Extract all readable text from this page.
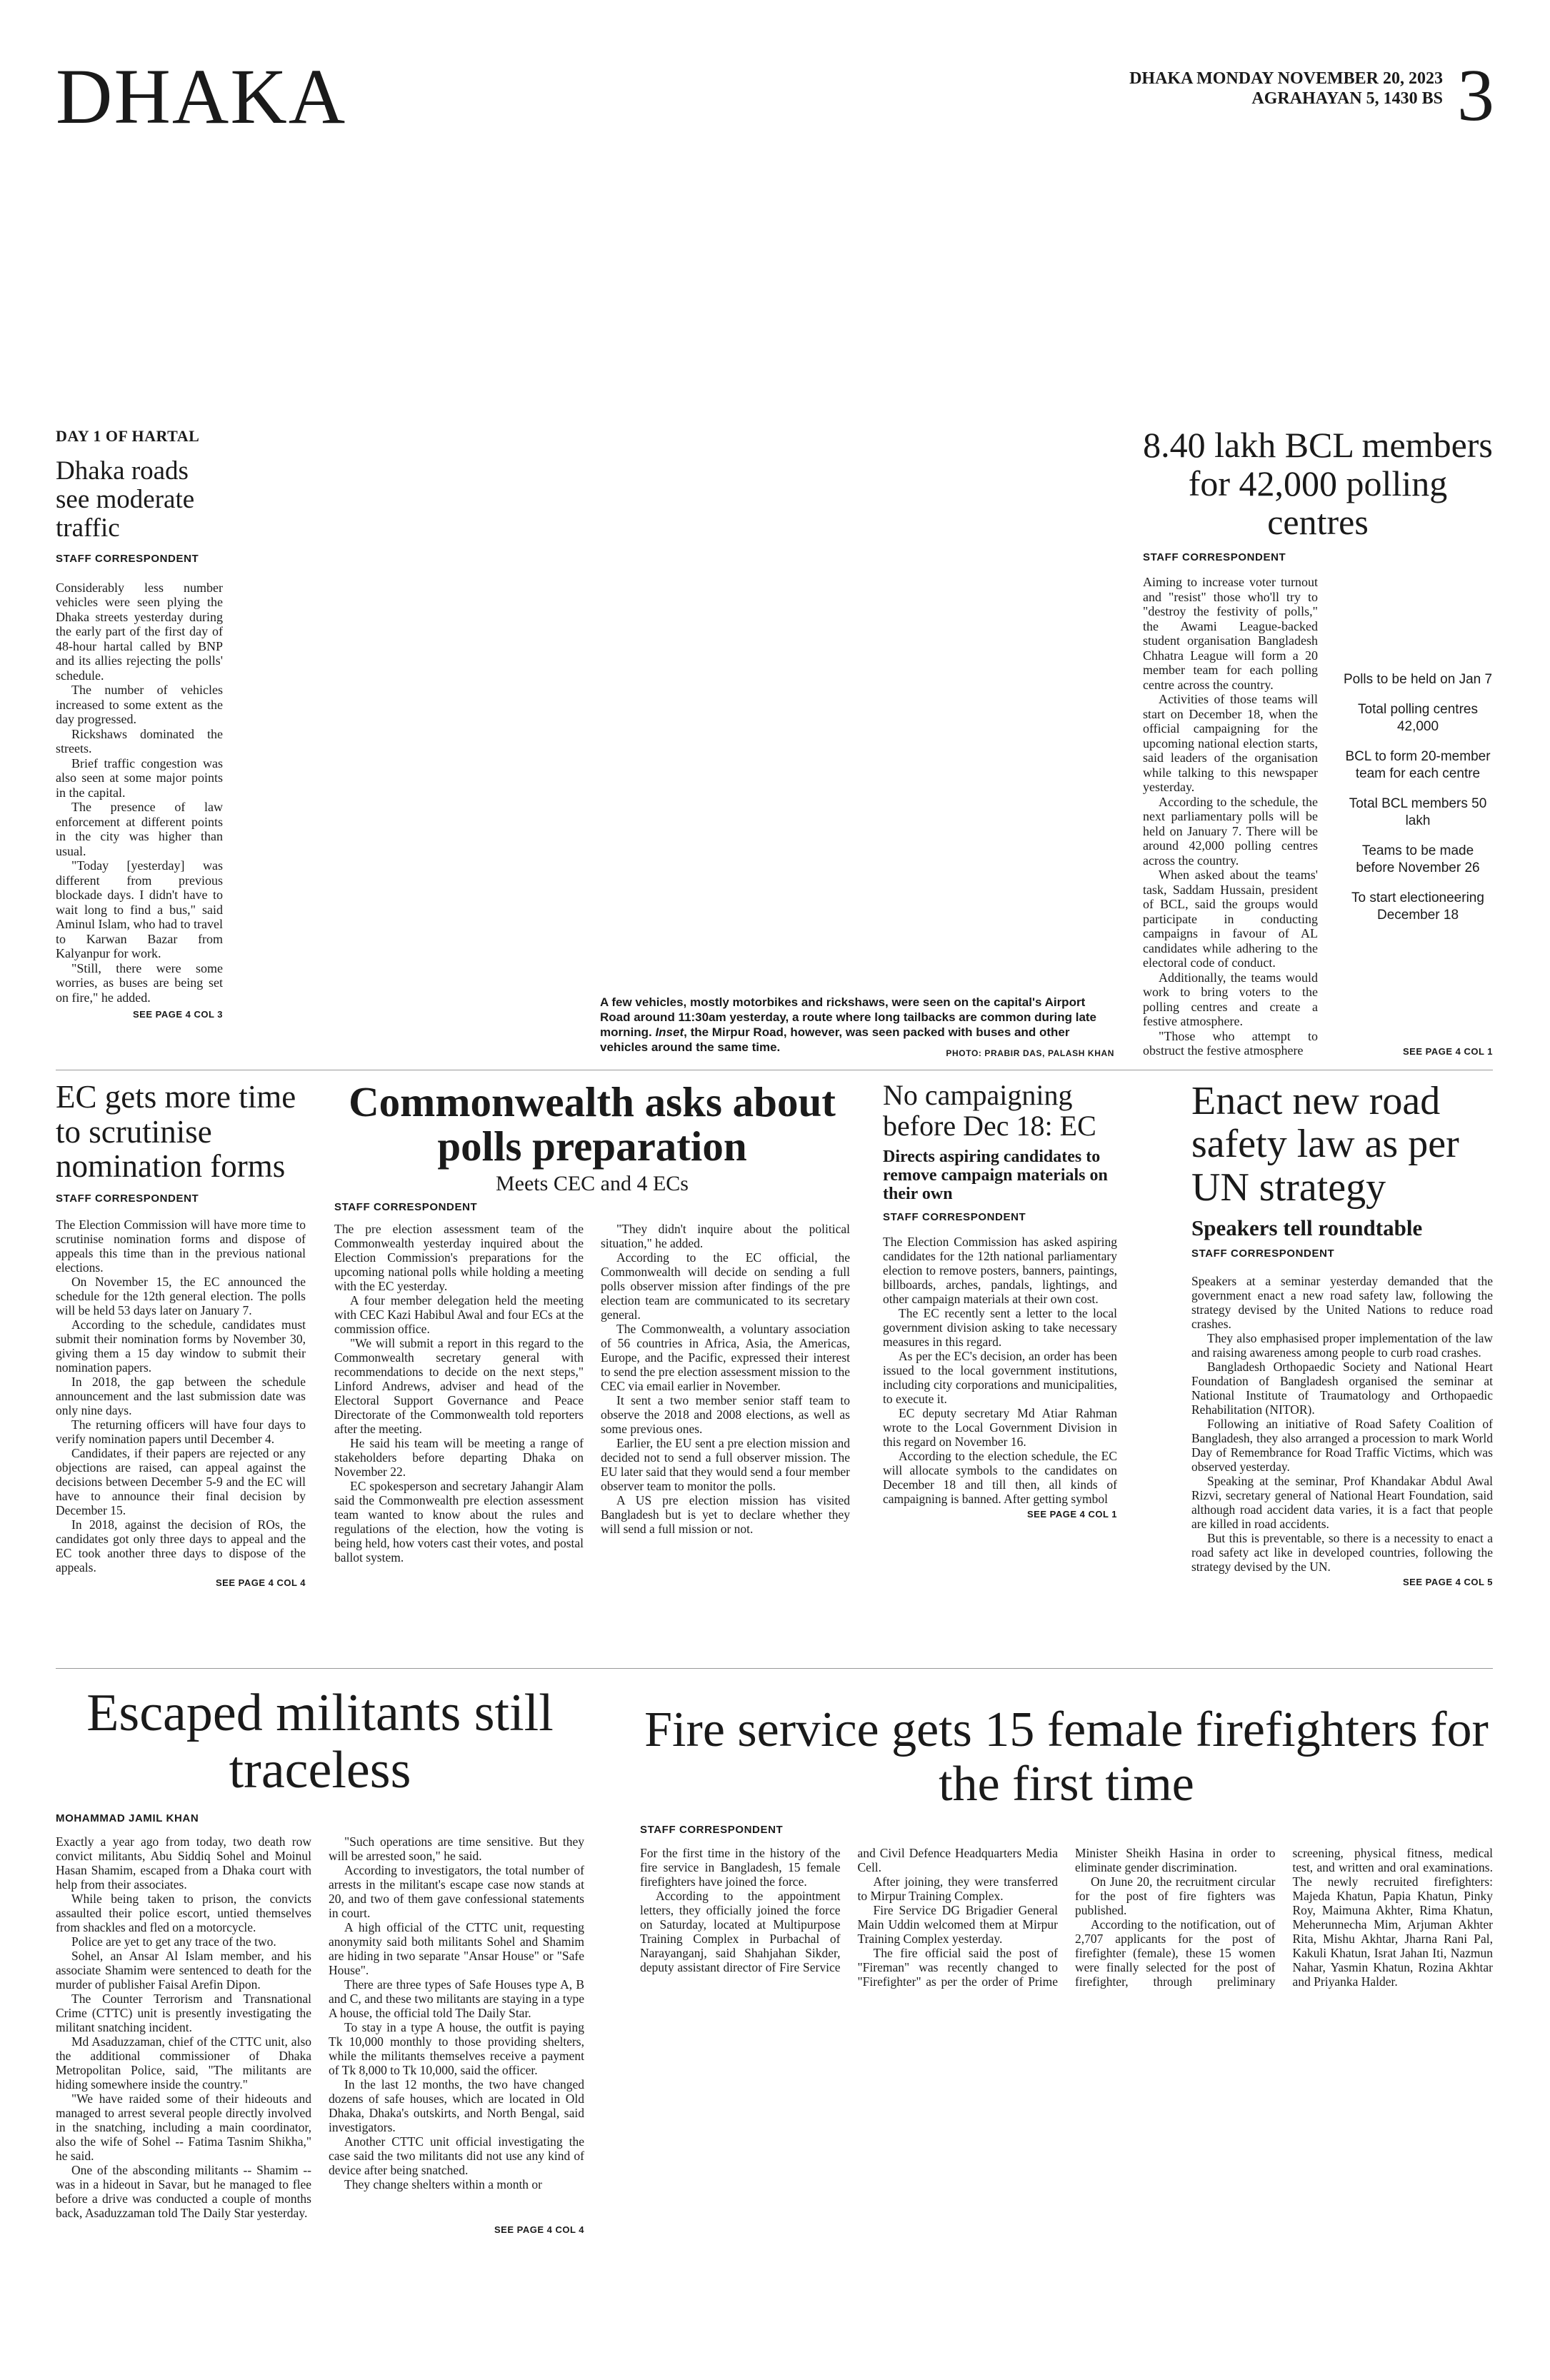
DHAKA	DHAKA MONDAY NOVEMBER 20, 2023
AGRAHAYAN 5, 1430 BS 3
DAY 1 OF HARTAL
Dhaka roads see moderate traffic
STAFF CORRESPONDENT

Considerably less number vehicles were seen plying the Dhaka streets yesterday during the early part of the first day of 48-hour hartal called by BNP and its allies rejecting the polls' schedule.

The number of vehicles increased to some extent as the day progressed.

Rickshaws dominated the streets.

Brief traffic congestion was also seen at some major points in the capital.

The presence of law enforcement at different points in the city was higher than usual.

"Today [yesterday] was different from previous blockade days. I didn't have to wait long to find a bus," said Aminul Islam, who had to travel to Karwan Bazar from Kalyanpur for work.

"Still, there were some worries, as buses are being set on fire," he added.

SEE PAGE 4 COL 3
A few vehicles, mostly motorbikes and rickshaws, were seen on the capital's Airport Road around 11:30am yesterday, a route where long tailbacks are common during late morning. Inset, the Mirpur Road, however, was seen packed with buses and other vehicles around the same time.	PHOTO: PRABIR DAS, PALASH KHAN
8.40 lakh BCL members for 42,000 polling centres
STAFF CORRESPONDENT

Aiming to increase voter turnout and "resist" those who'll try to "destroy the festivity of polls," the Awami League-backed student organisation Bangladesh Chhatra League will form a 20 member team for each polling centre across the country.

Activities of those teams will start on December 18, when the official campaigning for the upcoming national election starts, said leaders of the organisation while talking to this newspaper yesterday.

According to the schedule, the next parliamentary polls will be held on January 7. There will be around 42,000 polling centres across the country.

When asked about the teams' task, Saddam Hussain, president of BCL, said the groups would participate in conducting campaigns in favour of AL candidates while adhering to the electoral code of conduct.

Additionally, the teams would work to bring voters to the polling centres and create a festive atmosphere.

"Those who attempt to obstruct the festive atmosphere

Polls to be held on Jan 7
Total polling centres 42,000
BCL to form 20-member team for each centre
Total BCL members 50 lakh
Teams to be made before November 26
To start electioneering December 18
SEE PAGE 4 COL 1
EC gets more time to scrutinise nomination forms
STAFF CORRESPONDENT

The Election Commission will have more time to scrutinise nomination forms and dispose of appeals this time than in the previous national elections.

On November 15, the EC announced the schedule for the 12th general election. The polls will be held 53 days later on January 7.

According to the schedule, candidates must submit their nomination forms by November 30, giving them a 15 day window to submit their nomination papers.

In 2018, the gap between the schedule announcement and the last submission date was only nine days.

The returning officers will have four days to verify nomination papers until December 4.

Candidates, if their papers are rejected or any objections are raised, can appeal against the decisions between December 5-9 and the EC will have to announce their final decision by December 15.

In 2018, against the decision of ROs, the candidates got only three days to appeal and the EC took another three days to dispose of the appeals.

SEE PAGE 4 COL 4
Commonwealth asks about polls preparation
Meets CEC and 4 ECs
STAFF CORRESPONDENT

The pre election assessment team of the Commonwealth yesterday inquired about the Election Commission's preparations for the upcoming national polls while holding a meeting with the EC yesterday.

A four member delegation held the meeting with CEC Kazi Habibul Awal and four ECs at the commission office.

"We will submit a report in this regard to the Commonwealth secretary general with recommendations to decide on the next steps," Linford Andrews, adviser and head of the Electoral Support Governance and Peace Directorate of the Commonwealth told reporters after the meeting.

He said his team will be meeting a range of stakeholders before departing Dhaka on November 22.

EC spokesperson and secretary Jahangir Alam said the Commonwealth pre election assessment team wanted to know about the rules and regulations of the election, how the voting is being held, how voters cast their votes, and postal ballot system.

"They didn't inquire about the political situation," he added.

According to the EC official, the Commonwealth will decide on sending a full polls observer mission after findings of the pre election team are communicated to its secretary general.

The Commonwealth, a voluntary association of 56 countries in Africa, Asia, the Americas, Europe, and the Pacific, expressed their interest to send the pre election assessment mission to the CEC via email earlier in November.

It sent a two member senior staff team to observe the 2018 and 2008 elections, as well as some previous ones.

Earlier, the EU sent a pre election mission and decided not to send a full observer mission. The EU later said that they would send a four member observer team to monitor the polls.

A US pre election mission has visited Bangladesh but is yet to declare whether they will send a full mission or not.

No campaigning before Dec 18: EC
Directs aspiring candidates to remove campaign materials on their own
STAFF CORRESPONDENT

The Election Commission has asked aspiring candidates for the 12th national parliamentary election to remove posters, banners, paintings, billboards, arches, pandals, lightings, and other campaign materials at their own cost.

The EC recently sent a letter to the local government division asking to take necessary measures in this regard.

As per the EC's decision, an order has been issued to the local government institutions, including city corporations and municipalities, to execute it.

EC deputy secretary Md Atiar Rahman wrote to the Local Government Division in this regard on November 16.

According to the election schedule, the EC will allocate symbols to the candidates on December 18 and till then, all kinds of campaigning is banned. After getting symbol

SEE PAGE 4 COL 1
Enact new road safety law as per UN strategy
Speakers tell roundtable
STAFF CORRESPONDENT

Speakers at a seminar yesterday demanded that the government enact a new road safety law, following the strategy devised by the United Nations to reduce road crashes.

They also emphasised proper implementation of the law and raising awareness among people to curb road crashes.

Bangladesh Orthopaedic Society and National Heart Foundation of Bangladesh organised the seminar at National Institute of Traumatology and Orthopaedic Rehabilitation (NITOR).

Following an initiative of Road Safety Coalition of Bangladesh, they also arranged a procession to mark World Day of Remembrance for Road Traffic Victims, which was observed yesterday.

Speaking at the seminar, Prof Khandakar Abdul Awal Rizvi, secretary general of National Heart Foundation, said although road accident data varies, it is a fact that people are killed in road accidents.

But this is preventable, so there is a necessity to enact a road safety act like in developed countries, following the strategy devised by the UN.

SEE PAGE 4 COL 5
Escaped militants still traceless
MOHAMMAD JAMIL KHAN

Exactly a year ago from today, two death row convict militants, Abu Siddiq Sohel and Moinul Hasan Shamim, escaped from a Dhaka court with help from their associates.

While being taken to prison, the convicts assaulted their police escort, untied themselves from shackles and fled on a motorcycle.

Police are yet to get any trace of the two.

Sohel, an Ansar Al Islam member, and his associate Shamim were sentenced to death for the murder of publisher Faisal Arefin Dipon.

The Counter Terrorism and Transnational Crime (CTTC) unit is presently investigating the militant snatching incident.

Md Asaduzzaman, chief of the CTTC unit, also the additional commissioner of Dhaka Metropolitan Police, said, "The militants are hiding somewhere inside the country."

"We have raided some of their hideouts and managed to arrest several people directly involved in the snatching, including a main coordinator, also the wife of Sohel -- Fatima Tasnim Shikha," he said.

One of the absconding militants -- Shamim -- was in a hideout in Savar, but he managed to flee before a drive was conducted a couple of months back, Asaduzzaman told The Daily Star yesterday.

"Such operations are time sensitive. But they will be arrested soon," he said.

According to investigators, the total number of arrests in the militant's escape case now stands at 20, and two of them gave confessional statements in court.

A high official of the CTTC unit, requesting anonymity said both militants Sohel and Shamim are hiding in two separate "Ansar House" or "Safe House".

There are three types of Safe Houses type A, B and C, and these two militants are staying in a type A house, the official told The Daily Star.

To stay in a type A house, the outfit is paying Tk 10,000 monthly to those providing shelters, while the militants themselves receive a payment of Tk 8,000 to Tk 10,000, said the officer.

In the last 12 months, the two have changed dozens of safe houses, which are located in Old Dhaka, Dhaka's outskirts, and North Bengal, said investigators.

Another CTTC unit official investigating the case said the two militants did not use any kind of device after being snatched.

They change shelters within a month or

SEE PAGE 4 COL 4
Fire service gets 15 female firefighters for the first time
STAFF CORRESPONDENT

For the first time in the history of the fire service in Bangladesh, 15 female firefighters have joined the force.

According to the appointment letters, they officially joined the force on Saturday, located at Multipurpose Training Complex in Purbachal of Narayanganj, said Shahjahan Sikder, deputy assistant director of Fire Service and Civil Defence Headquarters Media Cell.

After joining, they were transferred to Mirpur Training Complex.

Fire Service DG Brigadier General Main Uddin welcomed them at Mirpur Training Complex yesterday.

The fire official said the post of "Fireman" was recently changed to "Firefighter" as per the order of Prime Minister Sheikh Hasina in order to eliminate gender discrimination.

On June 20, the recruitment circular for the post of fire fighters was published.

According to the notification, out of 2,707 applicants for the post of firefighter (female), these 15 women were finally selected for the post of firefighter, through preliminary screening, physical fitness, medical test, and written and oral examinations. The newly recruited firefighters: Majeda Khatun, Papia Khatun, Pinky Roy, Maimuna Akhter, Rima Khatun, Meherunnecha Mim, Arjuman Akhter Rita, Mishu Akhtar, Jharna Rani Pal, Kakuli Khatun, Israt Jahan Iti, Nazmun Nahar, Yasmin Khatun, Rozina Akhtar and Priyanka Halder.
